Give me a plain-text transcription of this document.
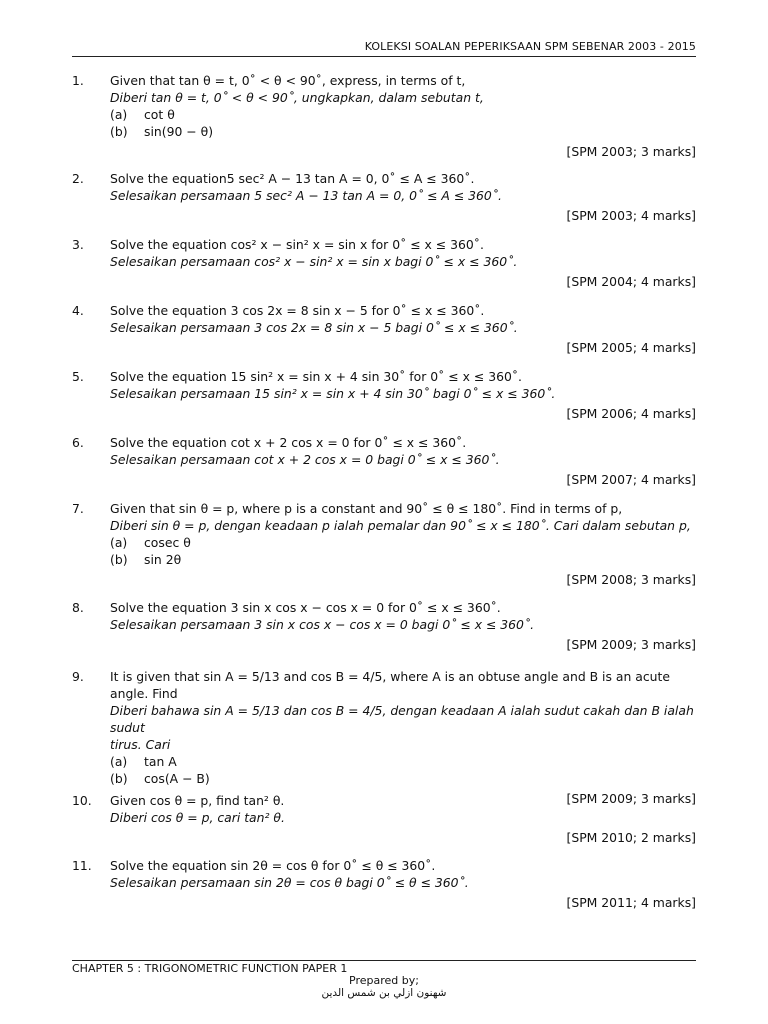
KOLEKSI SOALAN PEPERIKSAAN SPM SEBENAR 2003 - 2015
1.	Given that tan θ = t, 0˚ < θ < 90˚, express, in terms of t,
Diberi tan θ = t, 0˚ < θ < 90˚, ungkapkan, dalam sebutan t,
(a)	cot θ
(b)	sin(90 − θ)
[SPM 2003; 3 marks]
2.	Solve the equation5 sec² A − 13 tan A = 0, 0˚ ≤ A ≤ 360˚.
Selesaikan persamaan 5 sec² A − 13 tan A = 0, 0˚ ≤ A ≤ 360˚.
[SPM 2003; 4 marks]
3.	Solve the equation cos² x − sin² x = sin x for 0˚ ≤ x ≤ 360˚.
Selesaikan persamaan cos² x − sin² x = sin x bagi 0˚ ≤ x ≤ 360˚.
[SPM 2004; 4 marks]
4.	Solve the equation 3 cos 2x = 8 sin x − 5 for 0˚ ≤ x ≤ 360˚.
Selesaikan persamaan 3 cos 2x = 8 sin x − 5 bagi 0˚ ≤ x ≤ 360˚.
[SPM 2005; 4 marks]
5.	Solve the equation 15 sin² x = sin x + 4 sin 30˚ for 0˚ ≤ x ≤ 360˚.
Selesaikan persamaan 15 sin² x = sin x + 4 sin 30˚ bagi 0˚ ≤ x ≤ 360˚.
[SPM 2006; 4 marks]
6.	Solve the equation cot x + 2 cos x = 0 for 0˚ ≤ x ≤ 360˚.
Selesaikan persamaan cot x + 2 cos x = 0 bagi 0˚ ≤ x ≤ 360˚.
[SPM 2007; 4 marks]
7.	Given that sin θ = p, where p is a constant and 90˚ ≤ θ ≤ 180˚. Find in terms of p,
Diberi sin θ = p, dengan keadaan p ialah pemalar dan 90˚ ≤ x ≤ 180˚. Cari dalam sebutan p,
(a)	cosec θ
(b)	sin 2θ
[SPM 2008; 3 marks]
8.	Solve the equation 3 sin x cos x − cos x = 0 for 0˚ ≤ x ≤ 360˚.
Selesaikan persamaan 3 sin x cos x − cos x = 0 bagi 0˚ ≤ x ≤ 360˚.
[SPM 2009; 3 marks]
9.	It is given that sin A = 5/13 and cos B = 4/5, where A is an obtuse angle and B is an acute angle. Find
Diberi bahawa sin A = 5/13 dan cos B = 4/5, dengan keadaan A ialah sudut cakah dan B ialah sudut
tirus. Cari
(a)	tan A
(b)	cos(A − B)
[SPM 2009; 3 marks]
10.	Given cos θ = p, find tan² θ.
Diberi cos θ = p, cari tan² θ.
[SPM 2010; 2 marks]
11.	Solve the equation sin 2θ = cos θ for 0˚ ≤ θ ≤ 360˚.
Selesaikan persamaan sin 2θ = cos θ bagi 0˚ ≤ θ ≤ 360˚.
[SPM 2011; 4 marks]
CHAPTER 5 : TRIGONOMETRIC FUNCTION PAPER 1
Prepared by;
شهنون ازلي بن شمس الدين
